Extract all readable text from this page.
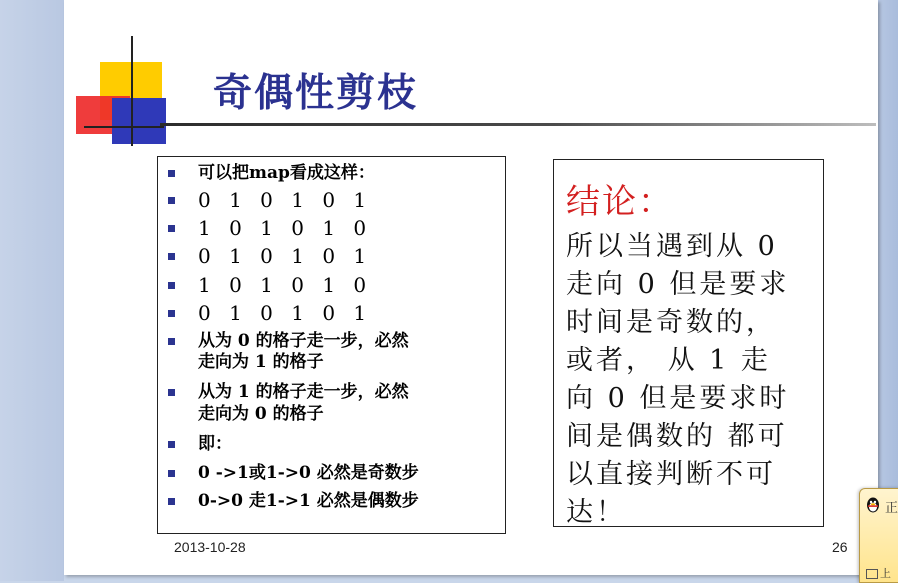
奇偶性剪枝
可以把map看成这样：
0 1 0 1 0 1
1 0 1 0 1 0
0 1 0 1 0 1
1 0 1 0 1 0
0 1 0 1 0 1
从为 0 的格子走一步，必然
走向为 1 的格子
从为 1 的格子走一步，必然
走向为 0 的格子
即：
0 ->1或1->0 必然是奇数步
0->0 走1->1 必然是偶数步
结论：
所以当遇到从 0
走向 0 但是要求
时间是奇数的，
或者， 从 1 走
向 0 但是要求时
间是偶数的 都可
以直接判断不可
达！
2013-10-28	26
正
上
